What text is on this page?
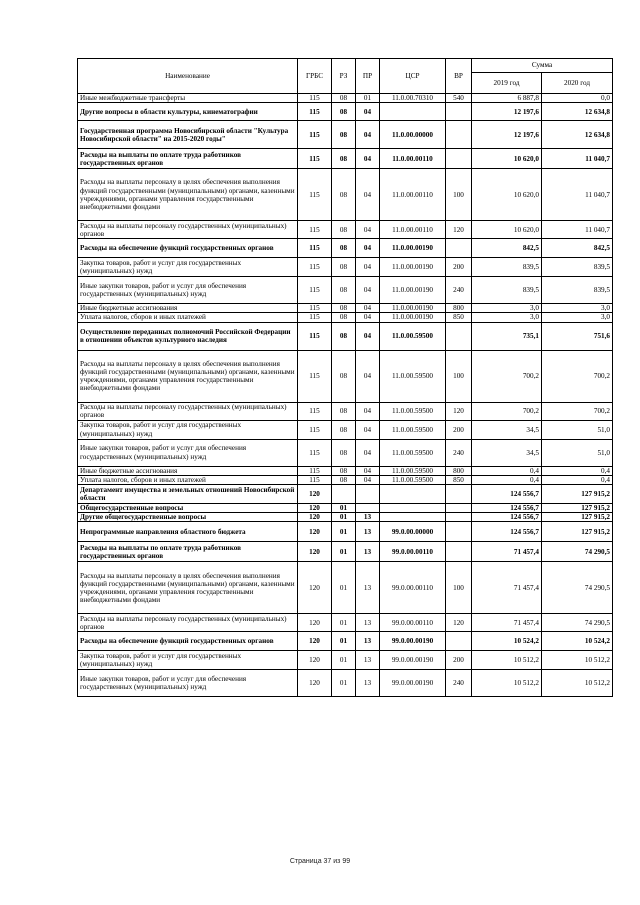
Наименование	ГРБС	РЗ	ПР	ЦСР	ВР	Сумма	
						2019 год	2020 год
Иные межбюджетные трансферты	115	08	01	11.0.00.70310	540	6 887,8	0,0
Другие вопросы в области культуры, кинематографии	115	08	04			12 197,6	12 634,8
Государственная программа Новосибирской области "Культура Новосибирской области" на 2015-2020 годы"	115	08	04	11.0.00.00000		12 197,6	12 634,8
Расходы на выплаты по оплате труда работников государственных органов	115	08	04	11.0.00.00110		10 620,0	11 040,7
Расходы на выплаты персоналу в целях обеспечения выполнения функций государственными (муниципальными) органами, казенными учреждениями, органами управления государственными внебюджетными фондами	115	08	04	11.0.00.00110	100	10 620,0	11 040,7
Расходы на выплаты персоналу государственных (муниципальных) органов	115	08	04	11.0.00.00110	120	10 620,0	11 040,7
Расходы на обеспечение функций государственных органов	115	08	04	11.0.00.00190		842,5	842,5
Закупка товаров, работ и услуг для государственных (муниципальных) нужд	115	08	04	11.0.00.00190	200	839,5	839,5
Иные закупки товаров, работ и услуг для обеспечения государственных (муниципальных) нужд	115	08	04	11.0.00.00190	240	839,5	839,5
Иные бюджетные ассигнования	115	08	04	11.0.00.00190	800	3,0	3,0
Уплата налогов, сборов и иных платежей	115	08	04	11.0.00.00190	850	3,0	3,0
Осуществление переданных полномочий Российской Федерации в отношении объектов культурного наследия	115	08	04	11.0.00.59500		735,1	751,6
Расходы на выплаты персоналу в целях обеспечения выполнения функций государственными (муниципальными) органами, казенными учреждениями, органами управления государственными внебюджетными фондами	115	08	04	11.0.00.59500	100	700,2	700,2
Расходы на выплаты персоналу государственных (муниципальных) органов	115	08	04	11.0.00.59500	120	700,2	700,2
Закупка товаров, работ и услуг для государственных (муниципальных) нужд	115	08	04	11.0.00.59500	200	34,5	51,0
Иные закупки товаров, работ и услуг для обеспечения государственных (муниципальных) нужд	115	08	04	11.0.00.59500	240	34,5	51,0
Иные бюджетные ассигнования	115	08	04	11.0.00.59500	800	0,4	0,4
Уплата налогов, сборов и иных платежей	115	08	04	11.0.00.59500	850	0,4	0,4
Департамент имущества и земельных отношений Новосибирской области	120					124 556,7	127 915,2
Общегосударственные вопросы	120	01				124 556,7	127 915,2
Другие общегосударственные вопросы	120	01	13			124 556,7	127 915,2
Непрограммные направления областного бюджета	120	01	13	99.0.00.00000		124 556,7	127 915,2
Расходы на выплаты по оплате труда работников государственных органов	120	01	13	99.0.00.00110		71 457,4	74 290,5
Расходы на выплаты персоналу в целях обеспечения выполнения функций государственными (муниципальными) органами, казенными учреждениями, органами управления государственными внебюджетными фондами	120	01	13	99.0.00.00110	100	71 457,4	74 290,5
Расходы на выплаты персоналу государственных (муниципальных) органов	120	01	13	99.0.00.00110	120	71 457,4	74 290,5
Расходы на обеспечение функций государственных органов	120	01	13	99.0.00.00190		10 524,2	10 524,2
Закупка товаров, работ и услуг для государственных (муниципальных) нужд	120	01	13	99.0.00.00190	200	10 512,2	10 512,2
Иные закупки товаров, работ и услуг для обеспечения государственных (муниципальных) нужд	120	01	13	99.0.00.00190	240	10 512,2	10 512,2
Страница 37 из 99
